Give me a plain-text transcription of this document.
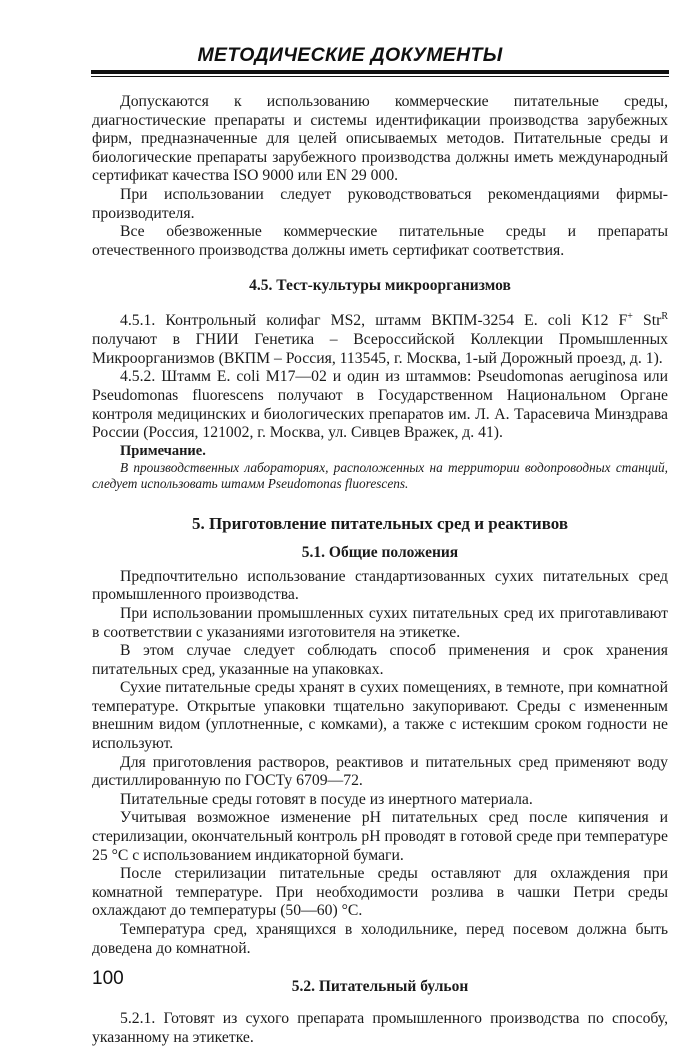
МЕТОДИЧЕСКИЕ ДОКУМЕНТЫ

Допускаются к использованию коммерческие питательные среды, диагностические препараты и системы идентификации производства зарубежных фирм, предназначенные для целей описываемых методов. Питательные среды и биологические препараты зарубежного производства должны иметь международный сертификат качества ISO 9000 или EN 29 000.

При использовании следует руководствоваться рекомендациями фирмы-производителя.

Все обезвоженные коммерческие питательные среды и препараты отечественного производства должны иметь сертификат соответствия.

4.5. Тест-культуры микроорганизмов

4.5.1. Контрольный колифаг MS2, штамм ВКПМ-3254 E. coli K12 F+ Str$^R$ получают в ГНИИ Генетика – Всероссийской Коллекции Промышленных Микроорганизмов (ВКПМ – Россия, 113545, г. Москва, 1-ый Дорожный проезд, д. 1).

4.5.2. Штамм E. coli M17—02 и один из штаммов: Pseudomonas aeruginosa или Pseudomonas fluorescens получают в Государственном Национальном Органе контроля медицинских и биологических препаратов им. Л. А. Тарасевича Минздрава России (Россия, 121002, г. Москва, ул. Сивцев Вражек, д. 41).

Примечание.
В производственных лабораториях, расположенных на территории водопроводных станций, следует использовать штамм Pseudomonas fluorescens.
5. Приготовление питательных сред и реактивов
5.1. Общие положения

Предпочтительно использование стандартизованных сухих питательных сред промышленного производства.

При использовании промышленных сухих питательных сред их приготавливают в соответствии с указаниями изготовителя на этикетке.

В этом случае следует соблюдать способ применения и срок хранения питательных сред, указанные на упаковках.

Сухие питательные среды хранят в сухих помещениях, в темноте, при комнатной температуре. Открытые упаковки тщательно закупоривают. Среды с измененным внешним видом (уплотненные, с комками), а также с истекшим сроком годности не используют.

Для приготовления растворов, реактивов и питательных сред применяют воду дистиллированную по ГОСТу 6709—72.

Питательные среды готовят в посуде из инертного материала.

Учитывая возможное изменение pH питательных сред после кипячения и стерилизации, окончательный контроль pH проводят в готовой среде при температуре 25 °C с использованием индикаторной бумаги.

После стерилизации питательные среды оставляют для охлаждения при комнатной температуре. При необходимости розлива в чашки Петри среды охлаждают до температуры (50—60) °C.

Температура сред, хранящихся в холодильнике, перед посевом должна быть доведена до комнатной.

5.2. Питательный бульон

5.2.1. Готовят из сухого препарата промышленного производства по способу, указанному на этикетке.

100
